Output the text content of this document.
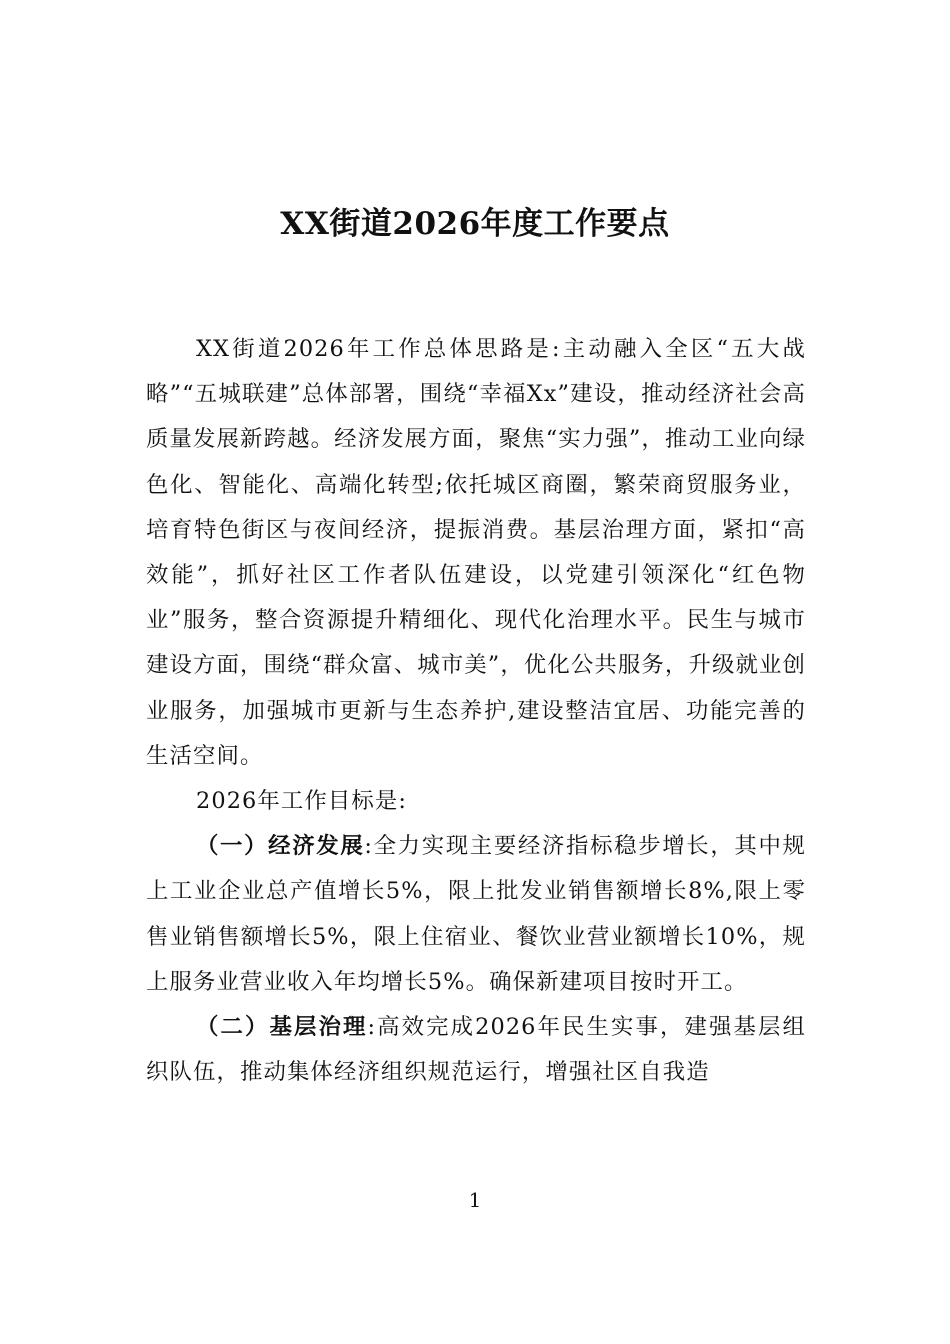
XX街道2026年度工作要点

XX街道2026年工作总体思路是:主动融入全区“五大战略”“五城联建”总体部署，围绕“幸福Xx”建设，推动经济社会高质量发展新跨越。经济发展方面，聚焦“实力强”，推动工业向绿色化、智能化、高端化转型;依托城区商圈，繁荣商贸服务业，培育特色街区与夜间经济，提振消费。基层治理方面，紧扣“高效能”，抓好社区工作者队伍建设，以党建引领深化“红色物业”服务，整合资源提升精细化、现代化治理水平。民生与城市建设方面，围绕“群众富、城市美”，优化公共服务，升级就业创业服务，加强城市更新与生态养护,建设整洁宜居、功能完善的生活空间。

2026年工作目标是:

（一）经济发展:全力实现主要经济指标稳步增长，其中规上工业企业总产值增长5%，限上批发业销售额增长8%,限上零售业销售额增长5%，限上住宿业、餐饮业营业额增长10%，规上服务业营业收入年均增长5%。确保新建项目按时开工。

（二）基层治理:高效完成2026年民生实事，建强基层组织队伍，推动集体经济组织规范运行，增强社区自我造

1
